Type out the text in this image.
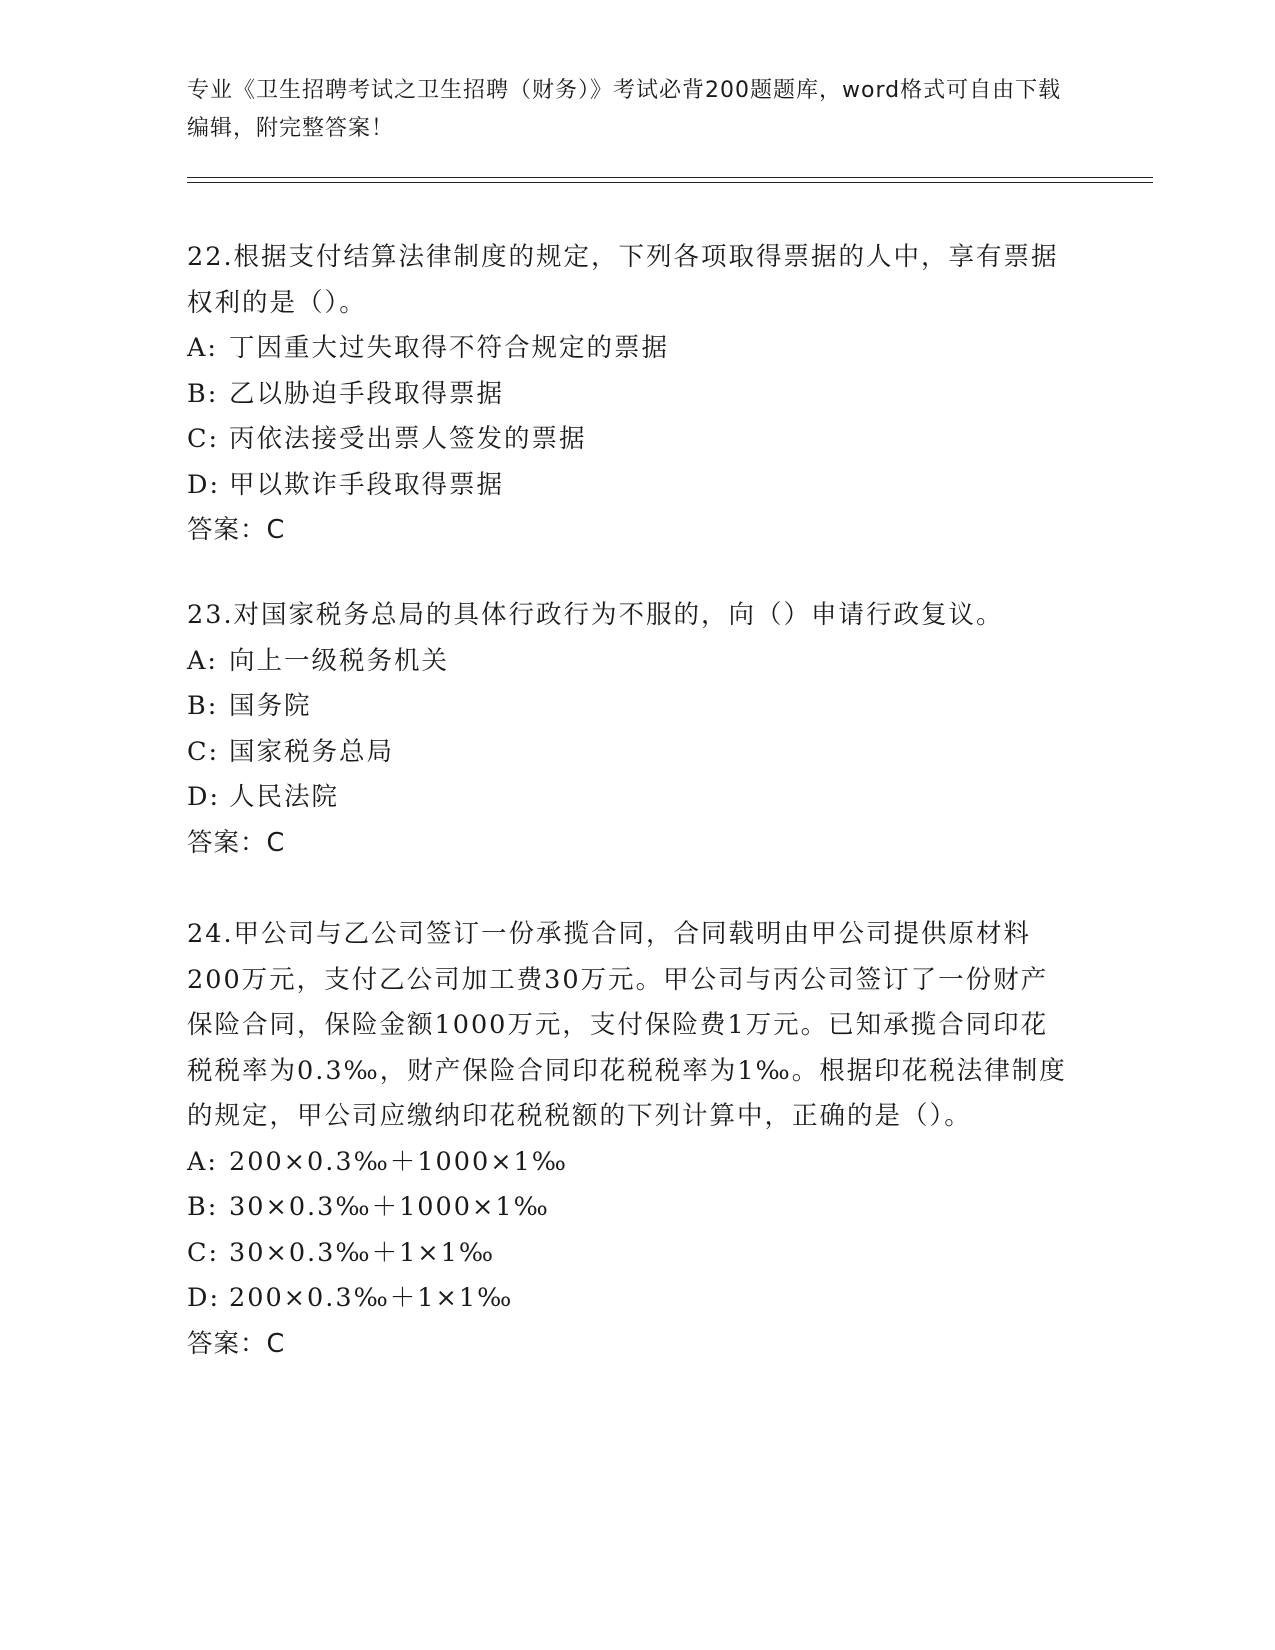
专业《卫生招聘考试之卫生招聘（财务）》考试必背200题题库，word格式可自由下载编辑，附完整答案！

22.根据支付结算法律制度的规定，下列各项取得票据的人中，享有票据权利的是（）。

A: 丁因重大过失取得不符合规定的票据
B: 乙以胁迫手段取得票据
C: 丙依法接受出票人签发的票据
D: 甲以欺诈手段取得票据
答案：C

23.对国家税务总局的具体行政行为不服的，向（）申请行政复议。

A: 向上一级税务机关
B: 国务院
C: 国家税务总局
D: 人民法院
答案：C

24.甲公司与乙公司签订一份承揽合同，合同载明由甲公司提供原材料200万元，支付乙公司加工费30万元。甲公司与丙公司签订了一份财产保险合同，保险金额1000万元，支付保险费1万元。已知承揽合同印花税税率为0.3‰，财产保险合同印花税税率为1‰。根据印花税法律制度的规定，甲公司应缴纳印花税税额的下列计算中，正确的是（）。

A: 200×0.3‰＋1000×1‰
B: 30×0.3‰＋1000×1‰
C: 30×0.3‰＋1×1‰
D: 200×0.3‰＋1×1‰
答案：C
